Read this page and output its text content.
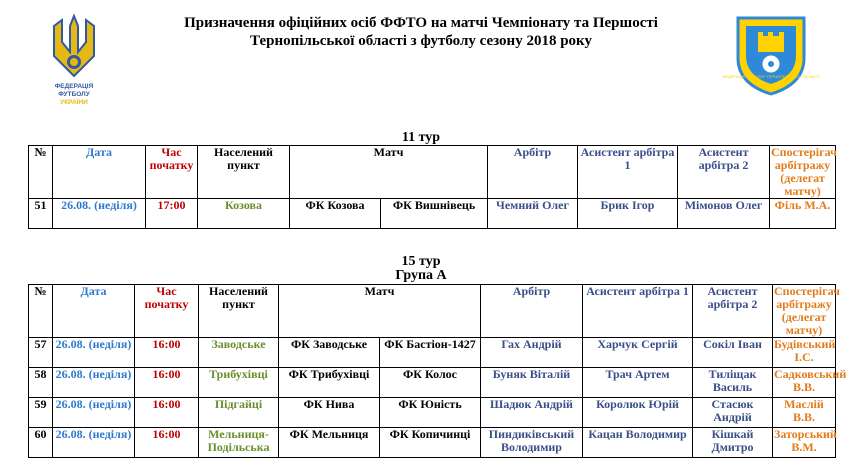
ФЕДЕРАЦІЯ
ФУТБОЛУ
УКРАЇНИ
Призначення офіційних осіб ФФТО на матчі Чемпіонату та Першості
Тернопільської області з футболу сезону 2018 року
ФЕДЕРАЦІЯ ФУТБОЛУ ТЕРНОПІЛЬСЬКОЇ ОБЛАСТІ
11 тур
№	Дата	Час початку	Населений пункт	Матч		Арбітр	Асистент арбітра 1	Асистент арбітра 2	Спостерігач арбітражу (делегат матчу)
51	26.08. (неділя)	17:00	Козова	ФК Козова	ФК Вишнівець	Чемний Олег	Брик Ігор	Мімонов Олег	Філь М.А.
15 тур
Група А
№	Дата	Час початку	Населений пункт	Матч		Арбітр	Асистент арбітра 1	Асистент арбітра 2	Спостерігач арбітражу (делегат матчу)
57	26.08. (неділя)	16:00	Заводське	ФК Заводське	ФК Бастіон-1427	Гах Андрій	Харчук Сергій	Сокіл Іван	Будівський І.С.
58	26.08. (неділя)	16:00	Трибухівці	ФК Трибухівці	ФК Колос	Буняк Віталій	Трач Артем	Тиліщак Василь	Садковський В.В.
59	26.08. (неділя)	16:00	Підгайці	ФК Нива	ФК Юність	Шадюк Андрій	Королюк Юрій	Стасюк Андрій	Маслій В.В.
60	26.08. (неділя)	16:00	Мельниця-Подільська	ФК Мельниця	ФК Копичинці	Пиндиківський Володимир	Кацан Володимир	Кішкай Дмитро	Заторський В.М.
